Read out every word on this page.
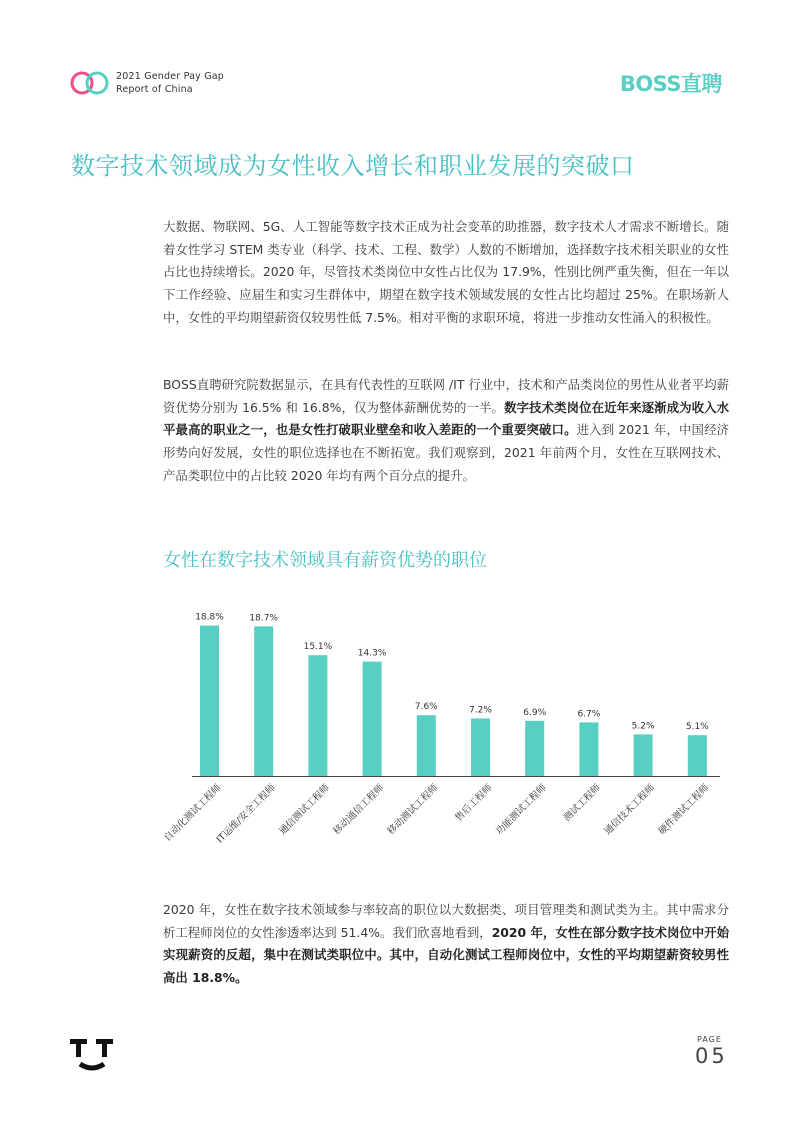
2021 Gender Pay Gap
Report of China	BOSS直聘
数字技术领域成为女性收入增长和职业发展的突破口
大数据、物联网、5G、人工智能等数字技术正成为社会变革的助推器，数字技术人才需求不断增长。随着女性学习 STEM 类专业（科学、技术、工程、数学）人数的不断增加，选择数字技术相关职业的女性占比也持续增长。2020 年，尽管技术类岗位中女性占比仅为 17.9%，性别比例严重失衡，但在一年以下工作经验、应届生和实习生群体中，期望在数字技术领域发展的女性占比均超过 25%。在职场新人中，女性的平均期望薪资仅较男性低 7.5%。相对平衡的求职环境，将进一步推动女性涌入的积极性。
BOSS直聘研究院数据显示，在具有代表性的互联网 /IT 行业中，技术和产品类岗位的男性从业者平均薪资优势分别为 16.5% 和 16.8%，仅为整体薪酬优势的一半。数字技术类岗位在近年来逐渐成为收入水平最高的职业之一，也是女性打破职业壁垒和收入差距的一个重要突破口。进入到 2021 年，中国经济形势向好发展，女性的职位选择也在不断拓宽。我们观察到，2021 年前两个月，女性在互联网技术、产品类职位中的占比较 2020 年均有两个百分点的提升。
女性在数字技术领域具有薪资优势的职位
18.8%
自动化测试工程师
18.7%
IT运维/安全工程师
15.1%
通信测试工程师
14.3%
移动通信工程师
7.6%
移动测试工程师
7.2%
售后工程师
6.9%
功能测试工程师
6.7%
测试工程师
5.2%
通信技术工程师
5.1%
硬件测试工程师
2020 年，女性在数字技术领域参与率较高的职位以大数据类、项目管理类和测试类为主。其中需求分析工程师岗位的女性渗透率达到 51.4%。我们欣喜地看到，2020 年，女性在部分数字技术岗位中开始实现薪资的反超，集中在测试类职位中。其中，自动化测试工程师岗位中，女性的平均期望薪资较男性高出 18.8%。
PAGE
05
